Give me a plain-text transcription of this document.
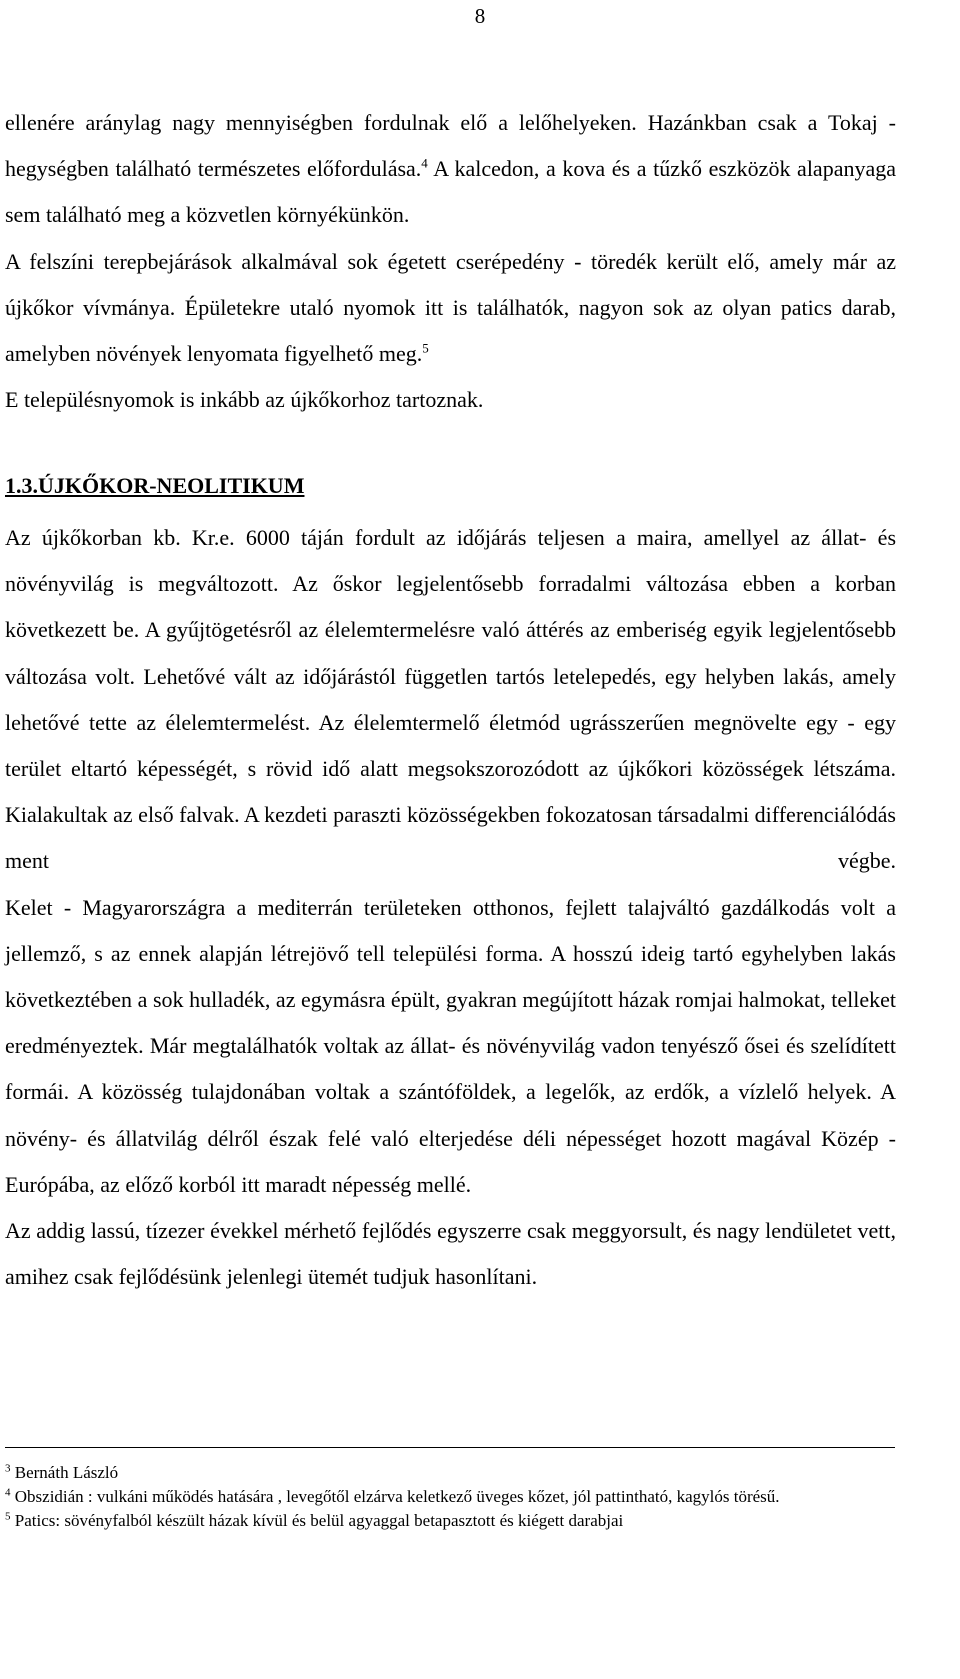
8

ellenére aránylag nagy mennyiségben fordulnak elő a lelőhelyeken. Hazánkban csak a Tokaj - hegységben található természetes előfordulása.$^4$ A kalcedon, a kova és a tűzkő eszközök alapanyaga sem található meg a közvetlen környékünkön.

A felszíni terepbejárások alkalmával sok égetett cserépedény - töredék került elő, amely már az újkőkor vívmánya. Épületekre utaló nyomok itt is találhatók, nagyon sok az olyan patics darab, amelyben növények lenyomata figyelhető meg.$^5$

E településnyomok is inkább az újkőkorhoz tartoznak.

1.3.ÚJKŐKOR-NEOLITIKUM

Az újkőkorban kb. Kr.e. 6000 táján fordult az időjárás teljesen a maira, amellyel az állat- és növényvilág is megváltozott. Az őskor legjelentősebb forradalmi változása ebben a korban következett be. A gyűjtögetésről az élelemtermelésre való áttérés az emberiség egyik legjelentősebb változása volt. Lehetővé vált az időjárástól független tartós letelepedés, egy helyben lakás, amely lehetővé tette az élelemtermelést. Az élelemtermelő életmód ugrásszerűen megnövelte egy - egy terület eltartó képességét, s rövid idő alatt megsokszorozódott az újkőkori közösségek létszáma. Kialakultak az első falvak. A kezdeti paraszti közösségekben fokozatosan társadalmi differenciálódás ment végbe.

Kelet - Magyarországra a mediterrán területeken otthonos, fejlett talajváltó gazdálkodás volt a jellemző, s az ennek alapján létrejövő tell települési forma. A hosszú ideig tartó egyhelyben lakás következtében a sok hulladék, az egymásra épült, gyakran megújított házak romjai halmokat, telleket eredményeztek. Már megtalálhatók voltak az állat- és növényvilág vadon tenyésző ősei és szelídített formái. A közösség tulajdonában voltak a szántóföldek, a legelők, az erdők, a vízlelő helyek. A növény- és állatvilág délről észak felé való elterjedése déli népességet hozott magával Közép - Európába, az előző korból itt maradt népesség mellé.

Az addig lassú, tízezer évekkel mérhető fejlődés egyszerre csak meggyorsult, és nagy lendületet vett, amihez csak fejlődésünk jelenlegi ütemét tudjuk hasonlítani.

$^3$ Bernáth László

$^4$ Obszidián : vulkáni működés hatására , levegőtől elzárva keletkező üveges kőzet, jól pattintható, kagylós törésű.

$^5$ Patics: sövényfalból készült házak kívül és belül agyaggal betapasztott és kiégett darabjai
